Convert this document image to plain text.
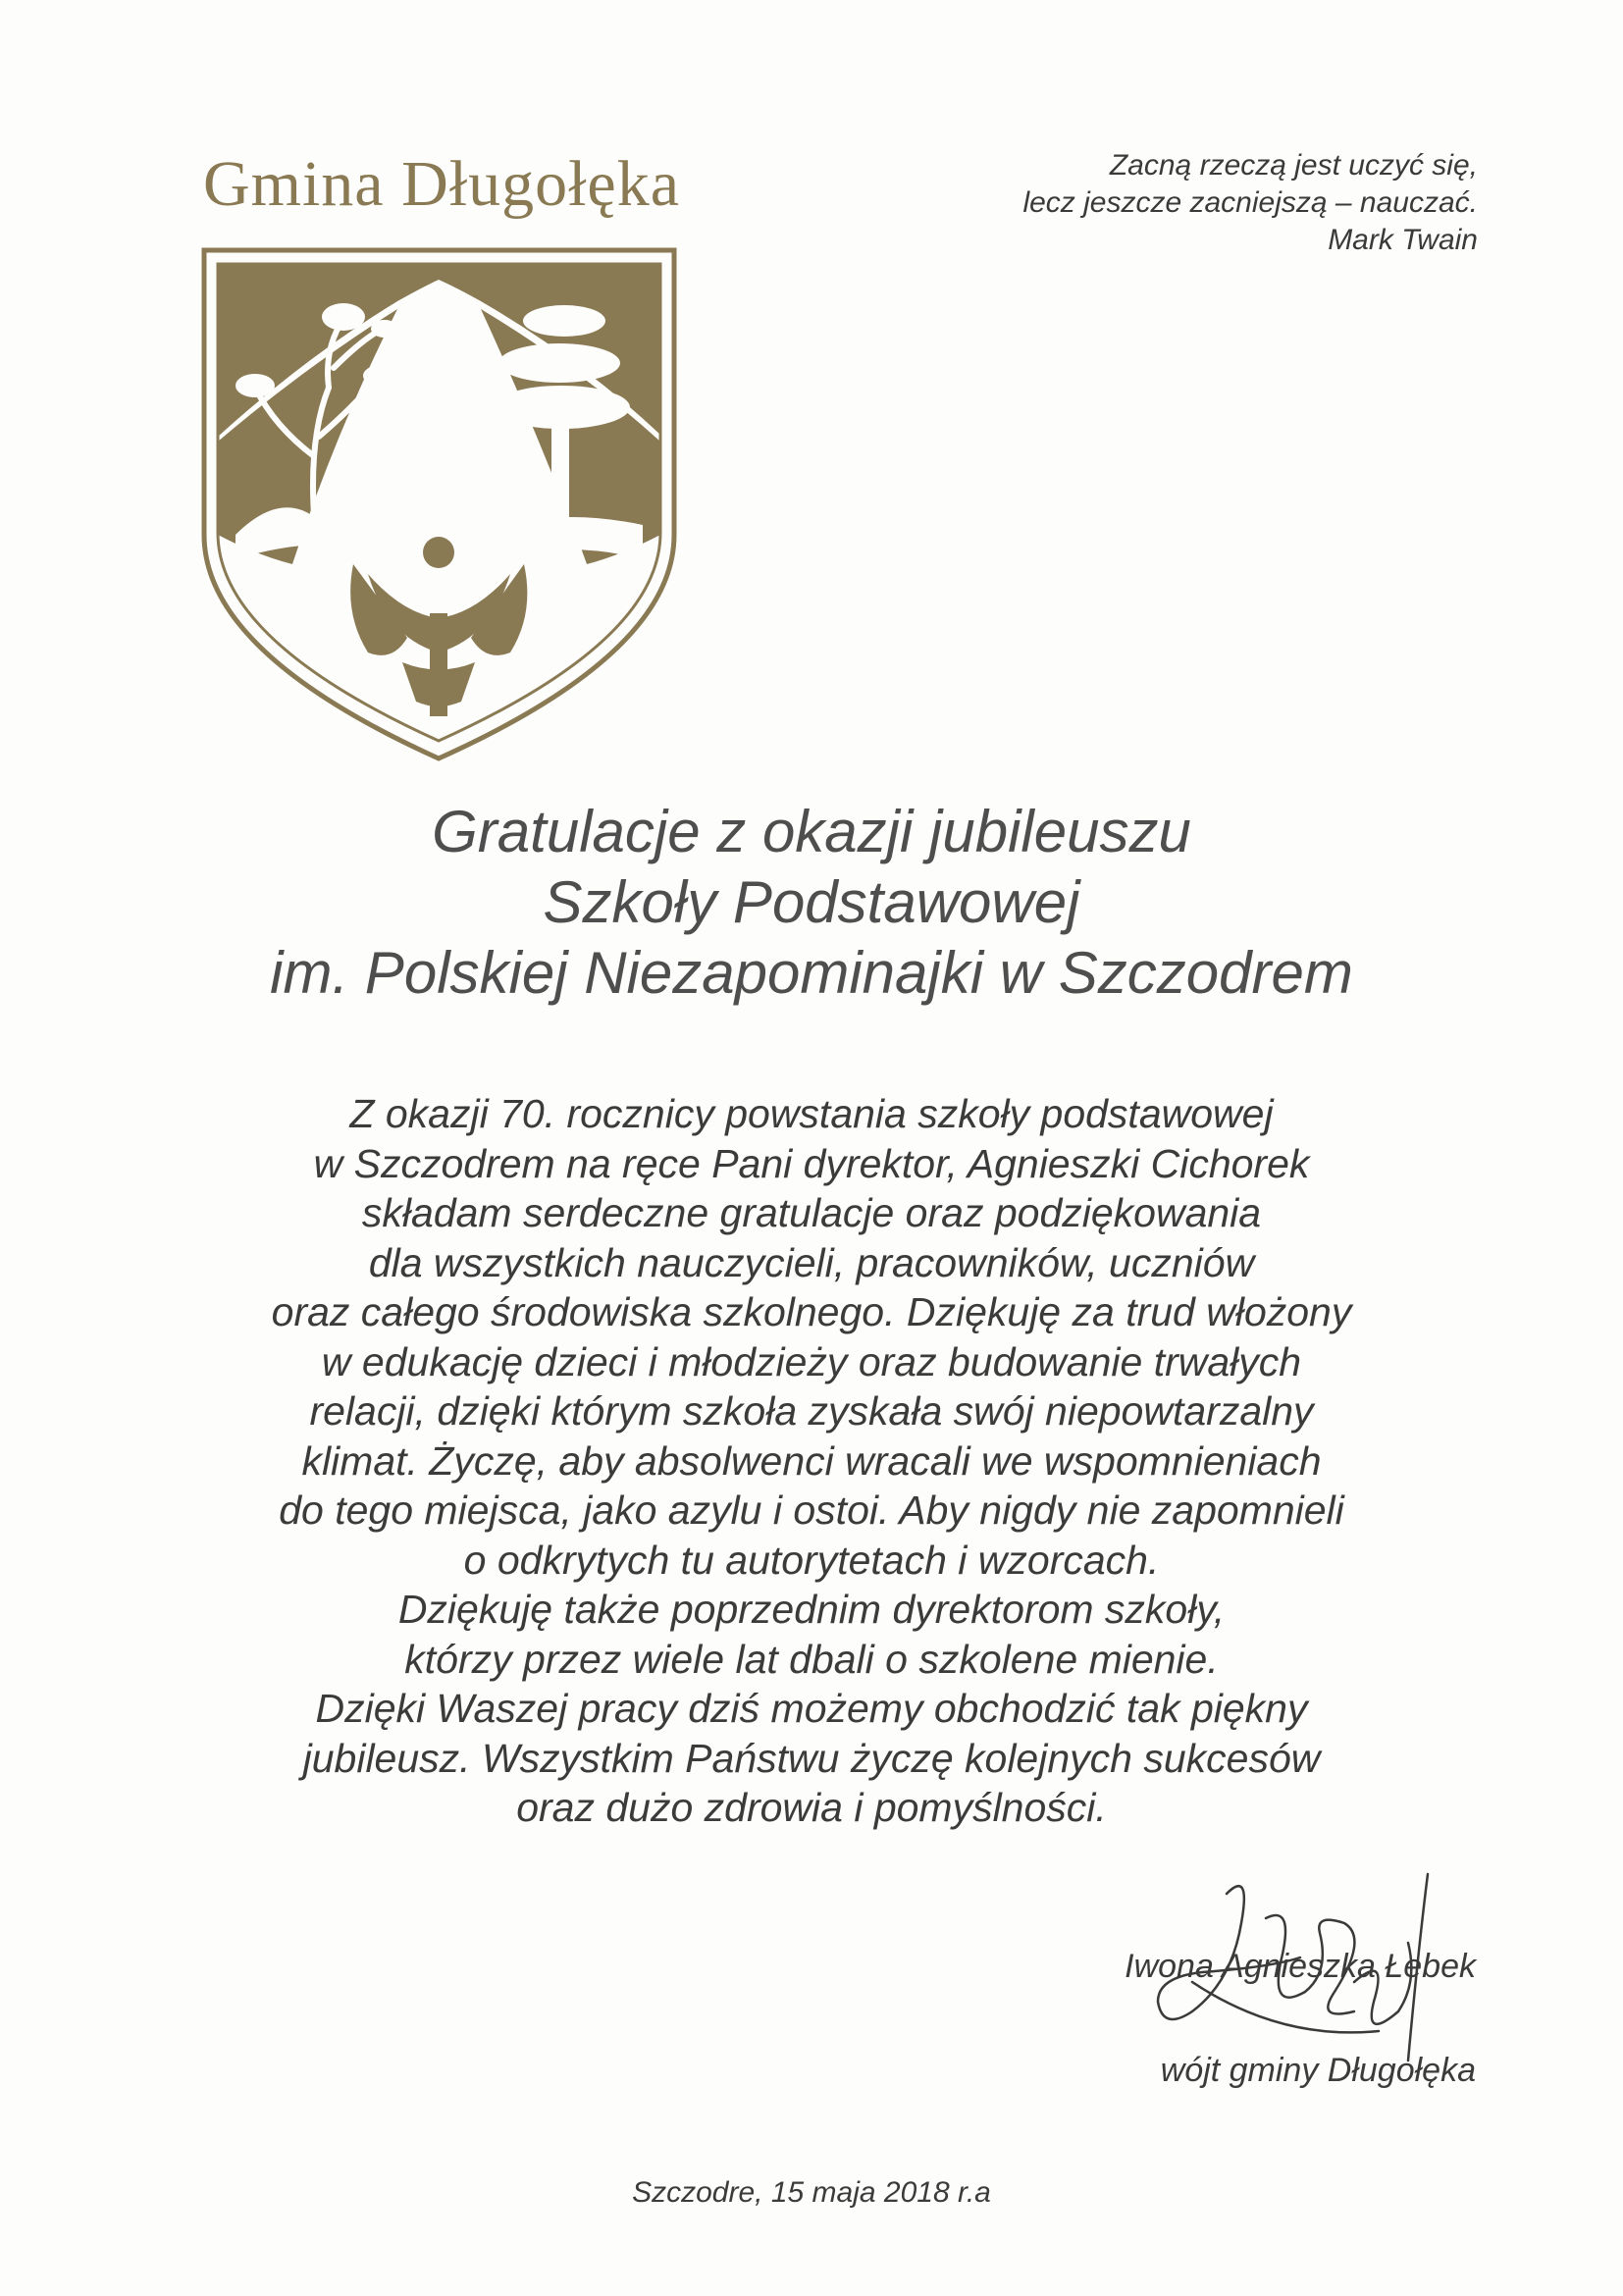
Gmina Długołęka	Zacną rzeczą jest uczyć się,
lecz jeszcze zacniejszą – nauczać.
Mark Twain
Gratulacje z okazji jubileuszu
Szkoły Podstawowej
im. Polskiej Niezapominajki w Szczodrem
Z okazji 70. rocznicy powstania szkoły podstawowej
w Szczodrem na ręce Pani dyrektor, Agnieszki Cichorek
składam serdeczne gratulacje oraz podziękowania
dla wszystkich nauczycieli, pracowników, uczniów
oraz całego środowiska szkolnego. Dziękuję za trud włożony
w edukację dzieci i młodzieży oraz budowanie trwałych
relacji, dzięki którym szkoła zyskała swój niepowtarzalny
klimat. Życzę, aby absolwenci wracali we wspomnieniach
do tego miejsca, jako azylu i ostoi. Aby nigdy nie zapomnieli
o odkrytych tu autorytetach i wzorcach.
Dziękuję także poprzednim dyrektorom szkoły,
którzy przez wiele lat dbali o szkolene mienie.
Dzięki Waszej pracy dziś możemy obchodzić tak piękny
jubileusz. Wszystkim Państwu życzę kolejnych sukcesów
oraz dużo zdrowia i pomyślności.
Iwona Agnieszka Łebek
wójt gminy Długołęka
Szczodre, 15 maja 2018 r.a
